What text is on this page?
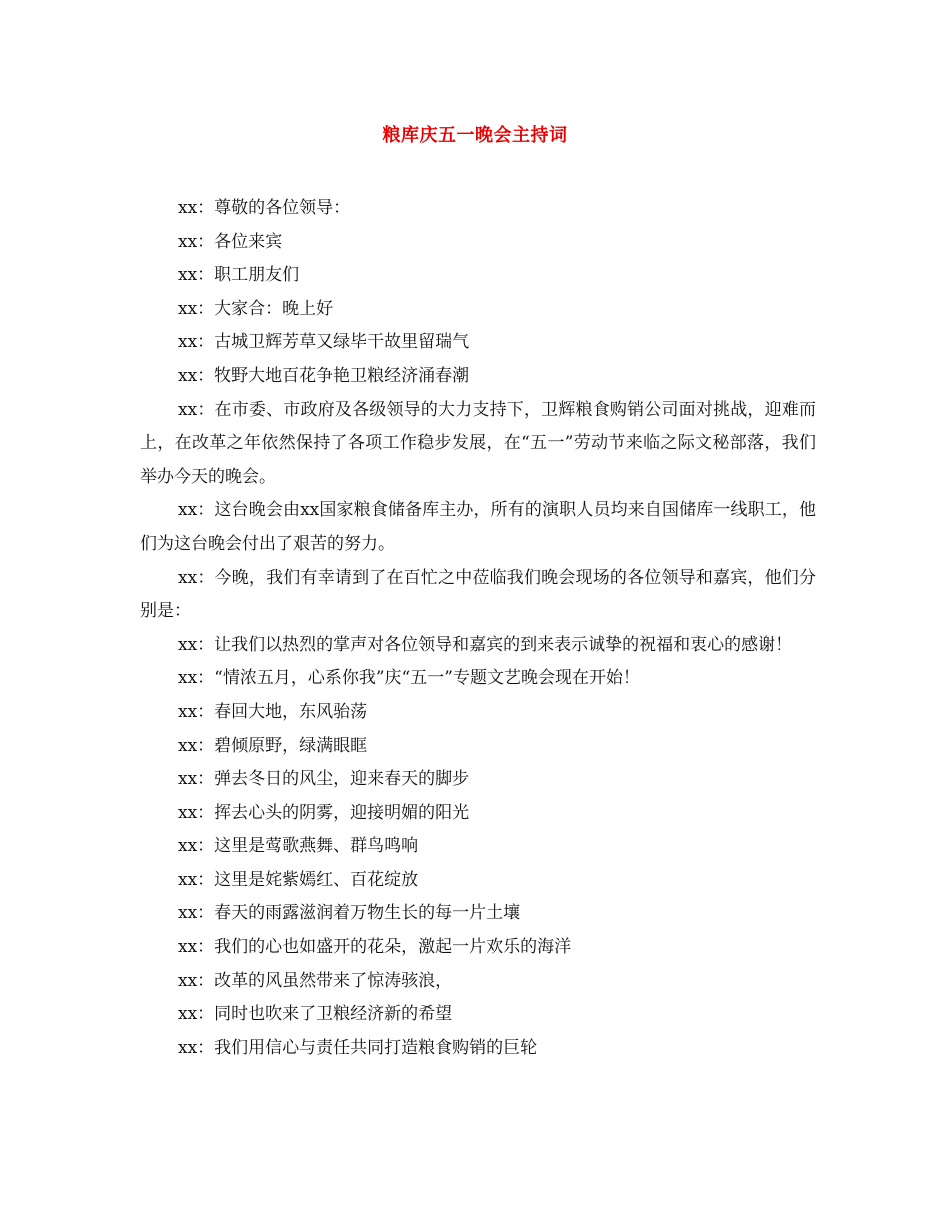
粮库庆五一晚会主持词

xx：尊敬的各位领导：

xx：各位来宾

xx：职工朋友们

xx：大家合：晚上好

xx：古城卫辉芳草又绿毕干故里留瑞气

xx：牧野大地百花争艳卫粮经济涌春潮

xx：在市委、市政府及各级领导的大力支持下，卫辉粮食购销公司面对挑战，迎难而上，在改革之年依然保持了各项工作稳步发展，在“五一”劳动节来临之际文秘部落，我们举办今天的晚会。

xx：这台晚会由xx国家粮食储备库主办，所有的演职人员均来自国储库一线职工，他们为这台晚会付出了艰苦的努力。

xx：今晚，我们有幸请到了在百忙之中莅临我们晚会现场的各位领导和嘉宾，他们分别是：

xx：让我们以热烈的掌声对各位领导和嘉宾的到来表示诚挚的祝福和衷心的感谢！

xx：“情浓五月，心系你我”庆“五一”专题文艺晚会现在开始！

xx：春回大地，东风骀荡

xx：碧倾原野，绿满眼眶

xx：弹去冬日的风尘，迎来春天的脚步

xx：挥去心头的阴雾，迎接明媚的阳光

xx：这里是莺歌燕舞、群鸟鸣响

xx：这里是姹紫嫣红、百花绽放

xx：春天的雨露滋润着万物生长的每一片土壤

xx：我们的心也如盛开的花朵，激起一片欢乐的海洋

xx：改革的风虽然带来了惊涛骇浪，

xx：同时也吹来了卫粮经济新的希望

xx：我们用信心与责任共同打造粮食购销的巨轮
